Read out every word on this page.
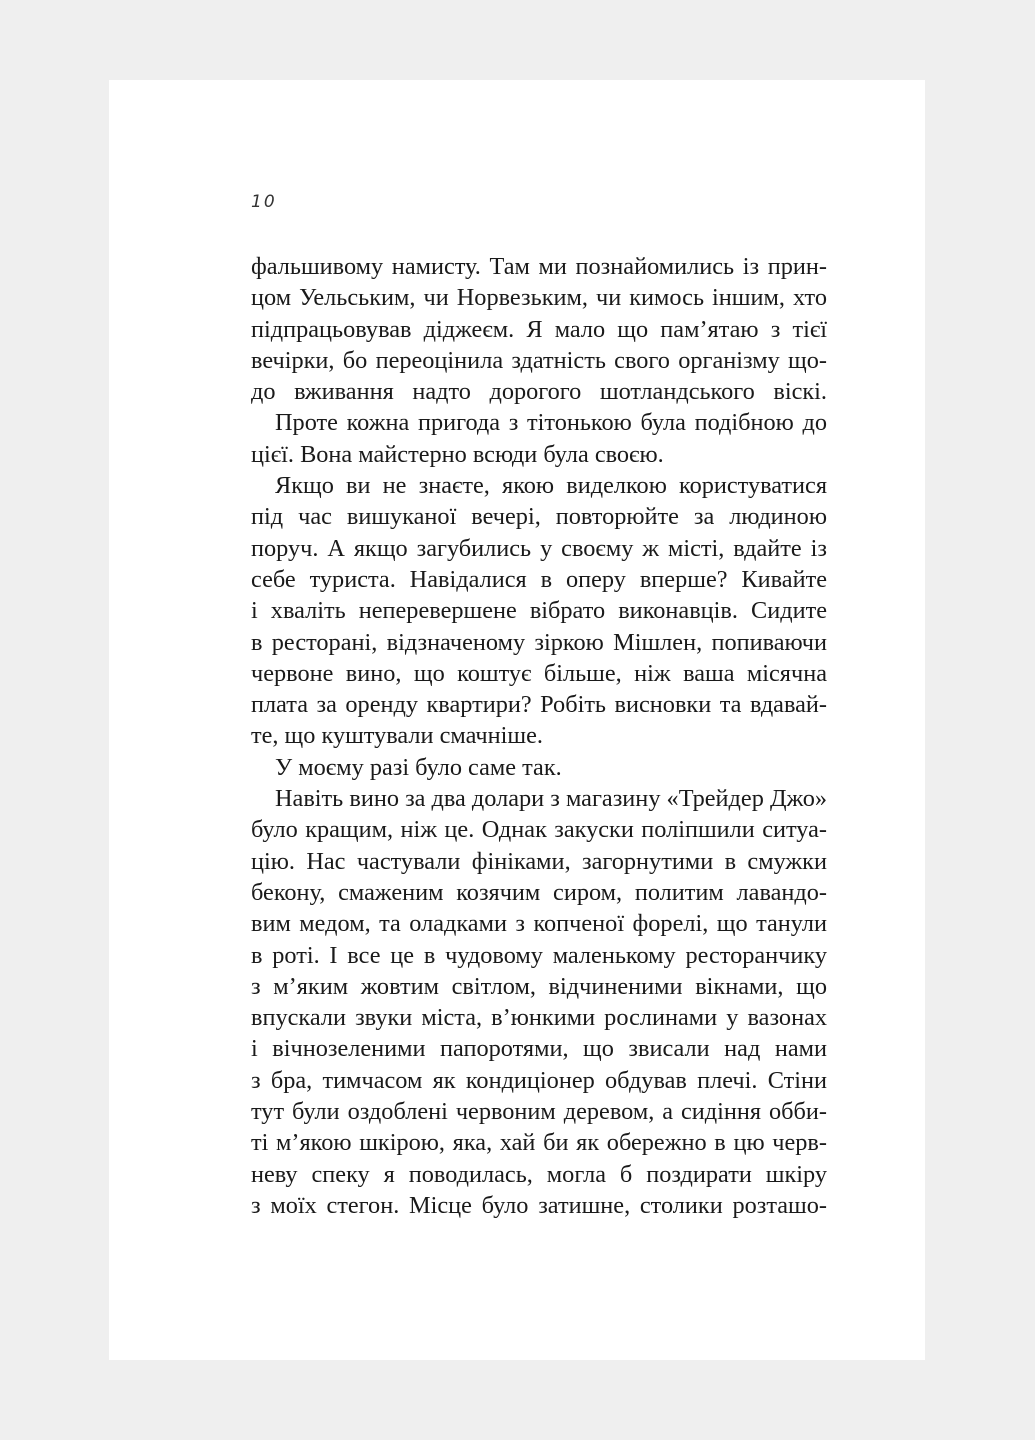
10
фальшивому намисту. Там ми познайомились із прин-
цом Уельським, чи Норвезьким, чи кимось іншим, хто
підпрацьовував діджеєм. Я мало що пам’ятаю з тієї
вечірки, бо переоцінила здатність свого організму що-
до вживання надто дорогого шотландського віскі.
Проте кожна пригода з тітонькою була подібною до
цієї. Вона майстерно всюди була своєю.
Якщо ви не знаєте, якою виделкою користуватися
під час вишуканої вечері, повторюйте за людиною
поруч. А якщо загубились у своєму ж місті, вдайте із
себе туриста. Навідалися в оперу вперше? Кивайте
і хваліть неперевершене вібрато виконавців. Сидите
в ресторані, відзначеному зіркою Мішлен, попиваючи
червоне вино, що коштує більше, ніж ваша місячна
плата за оренду квартири? Робіть висновки та вдавай-
те, що куштували смачніше.
У моєму разі було саме так.
Навіть вино за два долари з магазину «Трейдер Джо»
було кращим, ніж це. Однак закуски поліпшили ситуа-
цію. Нас частували фініками, загорнутими в смужки
бекону, смаженим козячим сиром, политим лавандо-
вим медом, та оладками з копченої форелі, що танули
в роті. І все це в чудовому маленькому ресторанчику
з м’яким жовтим світлом, відчиненими вікнами, що
впускали звуки міста, в’юнкими рослинами у вазонах
і вічнозеленими папоротями, що звисали над нами
з бра, тимчасом як кондиціонер обдував плечі. Стіни
тут були оздоблені червоним деревом, а сидіння обби-
ті м’якою шкірою, яка, хай би як обережно в цю черв-
неву спеку я поводилась, могла б поздирати шкіру
з моїх стегон. Місце було затишне, столики розташо-
